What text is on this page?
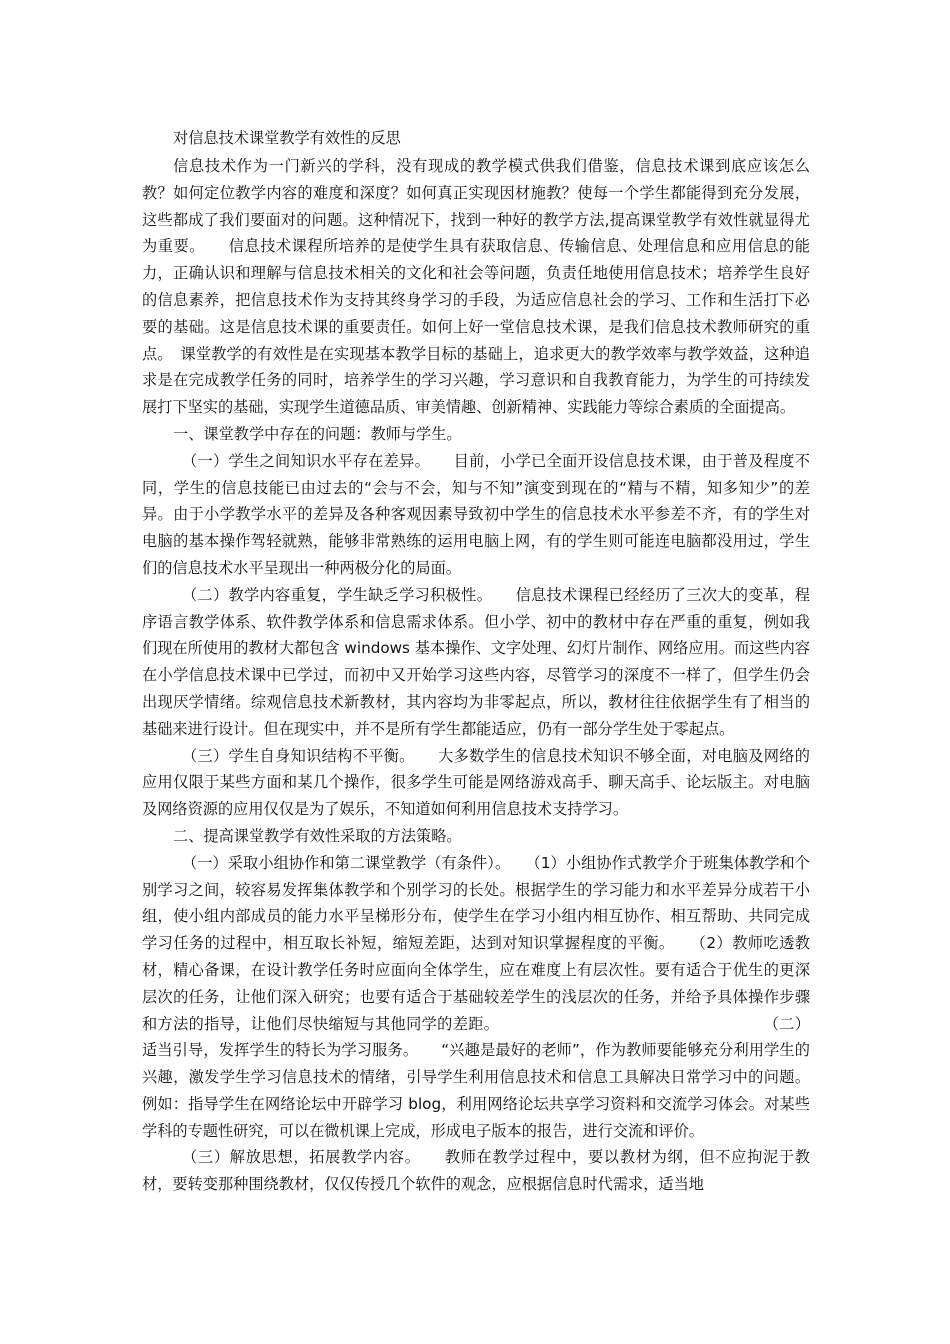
对信息技术课堂教学有效性的反思

信息技术作为一门新兴的学科，没有现成的教学模式供我们借鉴，信息技术课到底应该怎么教？如何定位教学内容的难度和深度？如何真正实现因材施教？使每一个学生都能得到充分发展，这些都成了我们要面对的问题。这种情况下，找到一种好的教学方法,提高课堂教学有效性就显得尤为重要。　　信息技术课程所培养的是使学生具有获取信息、传输信息、处理信息和应用信息的能力，正确认识和理解与信息技术相关的文化和社会等问题，负责任地使用信息技术；培养学生良好的信息素养，把信息技术作为支持其终身学习的手段，为适应信息社会的学习、工作和生活打下必要的基础。这是信息技术课的重要责任。如何上好一堂信息技术课，是我们信息技术教师研究的重点。　课堂教学的有效性是在实现基本教学目标的基础上，追求更大的教学效率与教学效益，这种追求是在完成教学任务的同时，培养学生的学习兴趣，学习意识和自我教育能力，为学生的可持续发展打下坚实的基础，实现学生道德品质、审美情趣、创新精神、实践能力等综合素质的全面提高。

一、课堂教学中存在的问题：教师与学生。

（一）学生之间知识水平存在差异。　　目前，小学已全面开设信息技术课，由于普及程度不同，学生的信息技能已由过去的“会与不会，知与不知”演变到现在的“精与不精，知多知少”的差异。由于小学教学水平的差异及各种客观因素导致初中学生的信息技术水平参差不齐，有的学生对电脑的基本操作驾轻就熟，能够非常熟练的运用电脑上网，有的学生则可能连电脑都没用过，学生们的信息技术水平呈现出一种两极分化的局面。

（二）教学内容重复，学生缺乏学习积极性。　　信息技术课程已经经历了三次大的变革，程序语言教学体系、软件教学体系和信息需求体系。但小学、初中的教材中存在严重的重复，例如我们现在所使用的教材大都包含 windows 基本操作、文字处理、幻灯片制作、网络应用。而这些内容在小学信息技术课中已学过，而初中又开始学习这些内容，尽管学习的深度不一样了，但学生仍会出现厌学情绪。综观信息技术新教材，其内容均为非零起点，所以，教材往往依据学生有了相当的基础来进行设计。但在现实中，并不是所有学生都能适应，仍有一部分学生处于零起点。

（三）学生自身知识结构不平衡。　　大多数学生的信息技术知识不够全面，对电脑及网络的应用仅限于某些方面和某几个操作，很多学生可能是网络游戏高手、聊天高手、论坛版主。对电脑及网络资源的应用仅仅是为了娱乐，不知道如何利用信息技术支持学习。

二、提高课堂教学有效性采取的方法策略。

（一）采取小组协作和第二课堂教学（有条件）。　　（1）小组协作式教学介于班集体教学和个别学习之间，较容易发挥集体教学和个别学习的长处。根据学生的学习能力和水平差异分成若干小组，使小组内部成员的能力水平呈梯形分布，使学生在学习小组内相互协作、相互帮助、共同完成学习任务的过程中，相互取长补短，缩短差距，达到对知识掌握程度的平衡。　　（2）教师吃透教材，精心备课，在设计教学任务时应面向全体学生，应在难度上有层次性。要有适合于优生的更深层次的任务，让他们深入研究；也要有适合于基础较差学生的浅层次的任务，并给予具体操作步骤和方法的指导，让他们尽快缩短与其他同学的差距。　　　　　　　　　　　　　　　　　　（二）适当引导，发挥学生的特长为学习服务。　　“兴趣是最好的老师”，作为教师要能够充分利用学生的兴趣，激发学生学习信息技术的情绪，引导学生利用信息技术和信息工具解决日常学习中的问题。例如：指导学生在网络论坛中开辟学习 blog，利用网络论坛共享学习资料和交流学习体会。对某些学科的专题性研究，可以在微机课上完成，形成电子版本的报告，进行交流和评价。

（三）解放思想，拓展教学内容。　　教师在教学过程中，要以教材为纲，但不应拘泥于教材，要转变那种围绕教材，仅仅传授几个软件的观念，应根据信息时代需求，适当地
